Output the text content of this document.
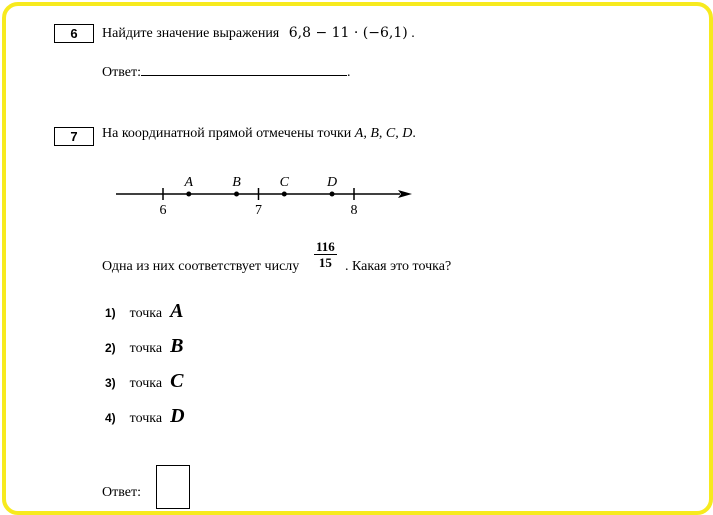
6	Найдите значение выражения 6,8 − 11 · (−6,1) .
Ответ:	.
7	На координатной прямой отмечены точки A, B, C, D.
6	7	8
A	B	C	D
Одна из них соответствует числу $\frac{116}{15}$ . Какая это точка?
1) точка A
2) точка B
3) точка C
4) точка D
Ответ:
